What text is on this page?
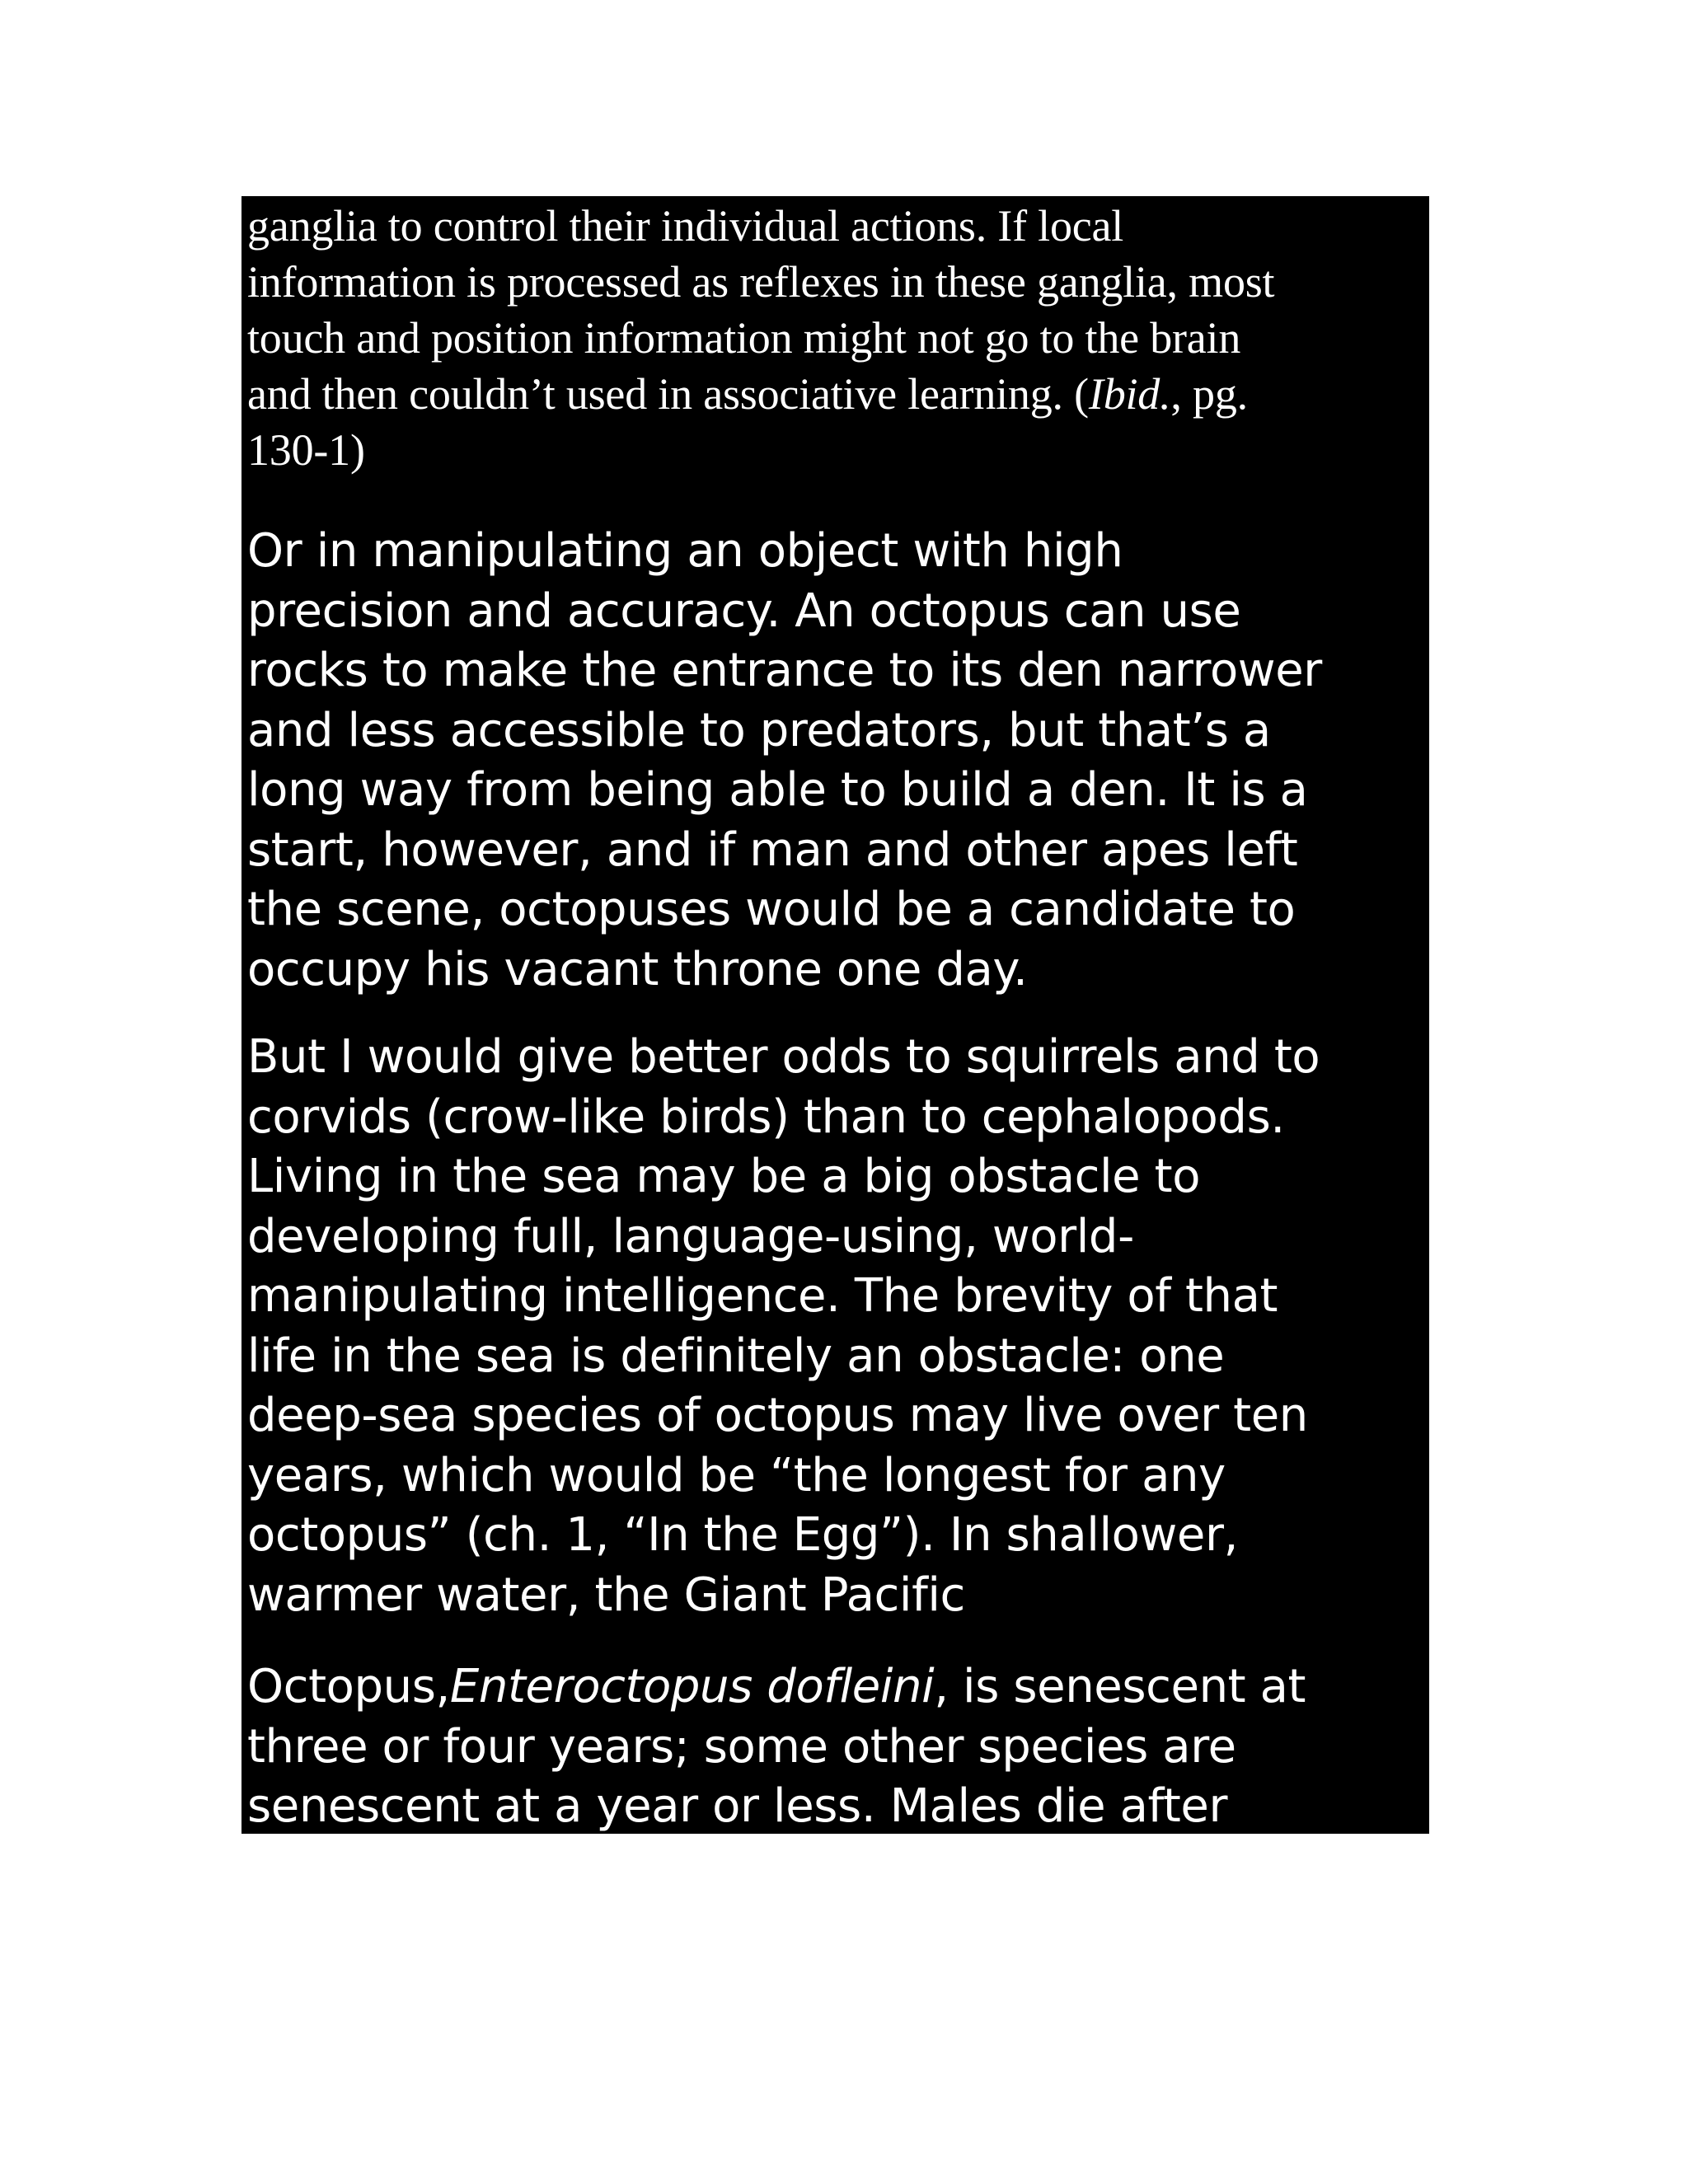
ganglia to control their individual actions. If local
information is processed as reflexes in these ganglia, most
touch and position information might not go to the brain
and then couldn’t used in associative learning. (Ibid., pg.
130-1)
Or in manipulating an object with high
precision and accuracy. An octopus can use
rocks to make the entrance to its den narrower
and less accessible to predators, but that’s a
long way from being able to build a den. It is a
start, however, and if man and other apes left
the scene, octopuses would be a candidate to
occupy his vacant throne one day.
But I would give better odds to squirrels and to
corvids (crow-like birds) than to cephalopods.
Living in the sea may be a big obstacle to
developing full, language-using, world-
manipulating intelligence. The brevity of that
life in the sea is definitely an obstacle: one
deep-sea species of octopus may live over ten
years, which would be “the longest for any
octopus” (ch. 1, “In the Egg”). In shallower,
warmer water, the Giant Pacific
Octopus,Enteroctopus dofleini, is senescent at
three or four years; some other species are
senescent at a year or less. Males die after
fertilizing the females, females die after
